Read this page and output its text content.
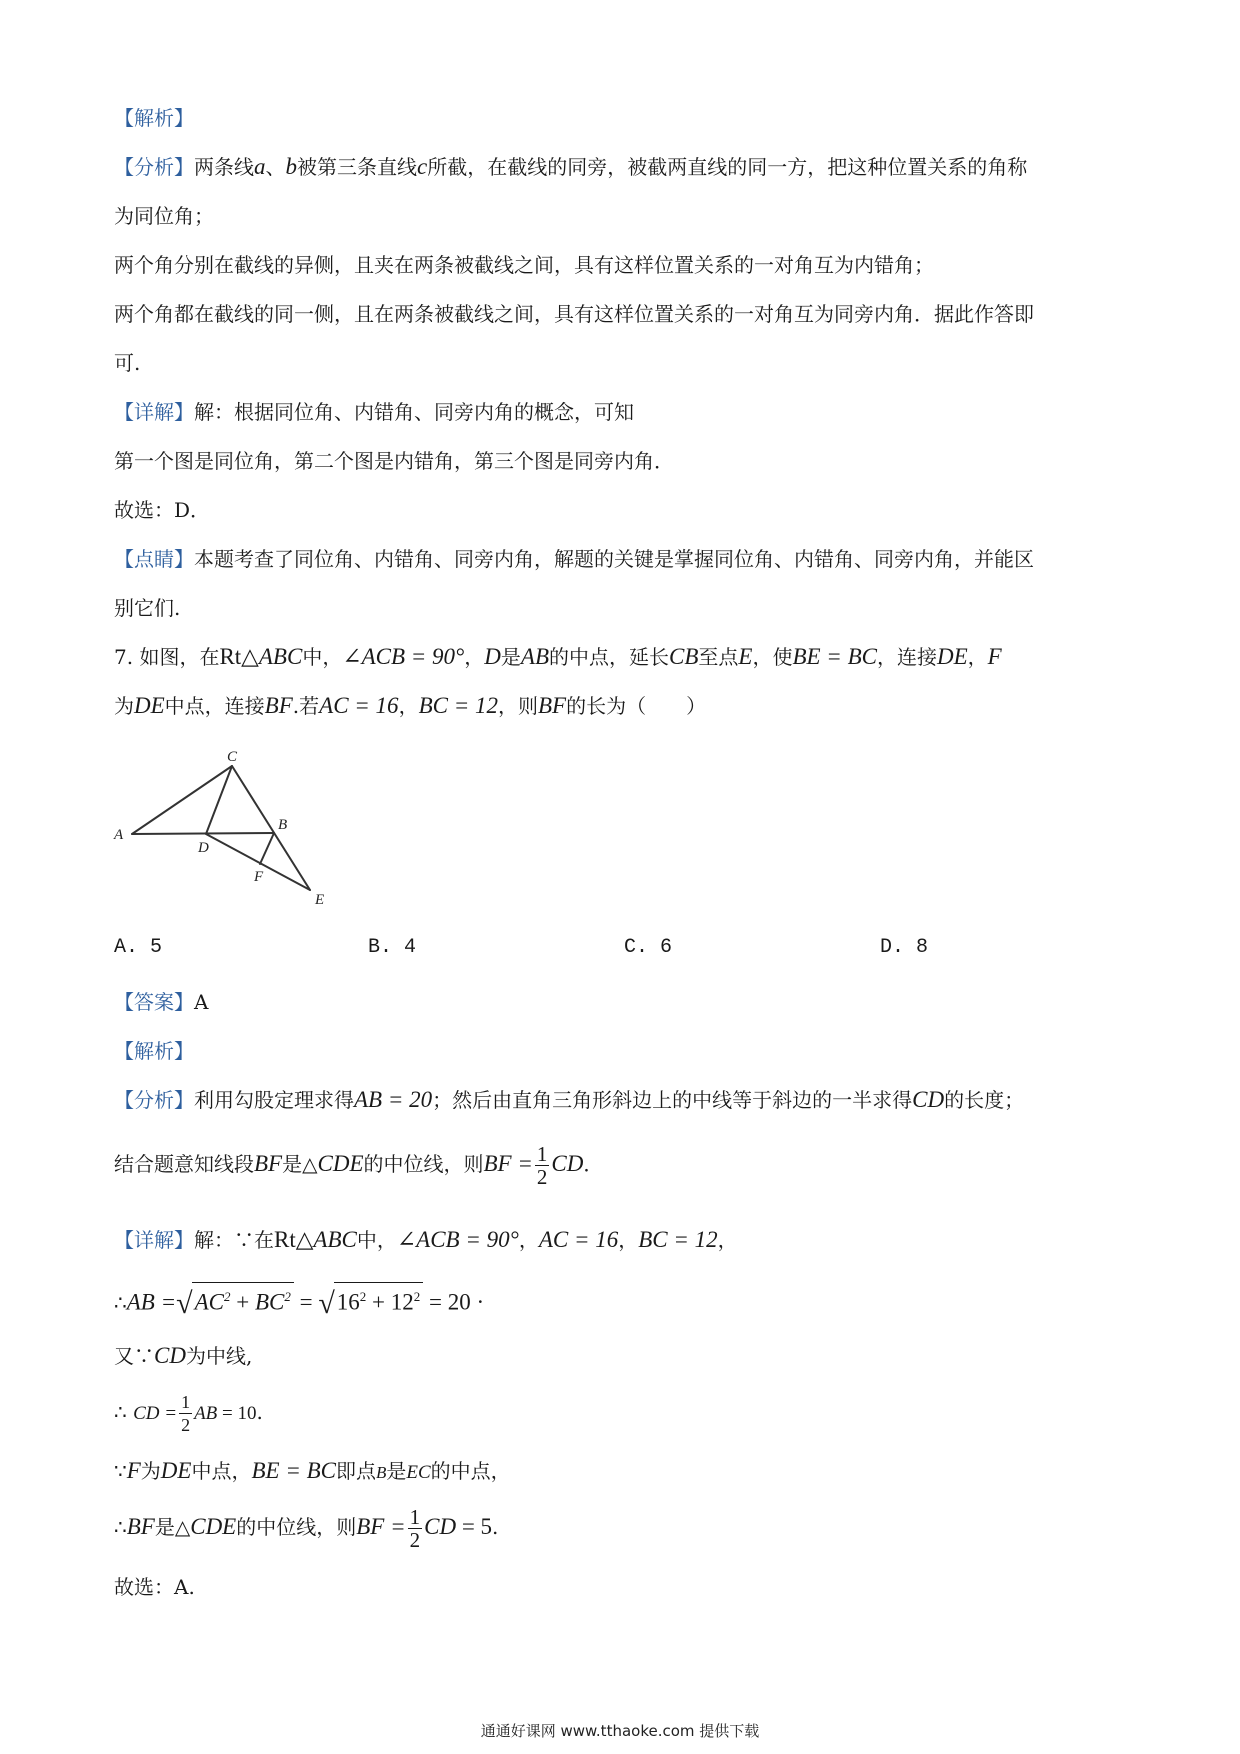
【解析】
【分析】两条线a、b被第三条直线c所截，在截线的同旁，被截两直线的同一方，把这种位置关系的角称
为同位角；
两个角分别在截线的异侧，且夹在两条被截线之间，具有这样位置关系的一对角互为内错角；
两个角都在截线的同一侧，且在两条被截线之间，具有这样位置关系的一对角互为同旁内角．据此作答即
可.
【详解】解：根据同位角、内错角、同旁内角的概念，可知
第一个图是同位角，第二个图是内错角，第三个图是同旁内角．
故选：D．
【点睛】本题考查了同位角、内错角、同旁内角，解题的关键是掌握同位角、内错角、同旁内角，并能区
别它们.
7. 如图，在Rt△ABC中，∠ACB = 90°，D是AB的中点，延长CB至点E，使BE = BC，连接DE，F
为DE中点，连接BF.若AC = 16，BC = 12，则BF的长为（　　）
C
A
D
B
F
E
A. 5	B. 4	C. 6	D. 8
【答案】A
【解析】
【分析】利用勾股定理求得AB = 20；然后由直角三角形斜边上的中线等于斜边的一半求得CD的长度；
结合题意知线段BF是△CDE的中位线，则BF = $\frac{1}{2}$ CD．
【详解】解：∵在Rt△ABC中，∠ACB = 90°，AC = 16，BC = 12，
∴AB $=√AC^2 + BC^2 = √16^2 + 12^2 = 20$ ·
又∵CD为中线,
∴ CD = $\frac{1}{2}$ AB = 10.
∵F为DE中点，BE = BC即点B是EC的中点，
∴BF是△CDE的中位线，则BF = $\frac{1}{2}$ CD = 5.
故选：A.
通通好课网 www.tthaoke.com 提供下载
